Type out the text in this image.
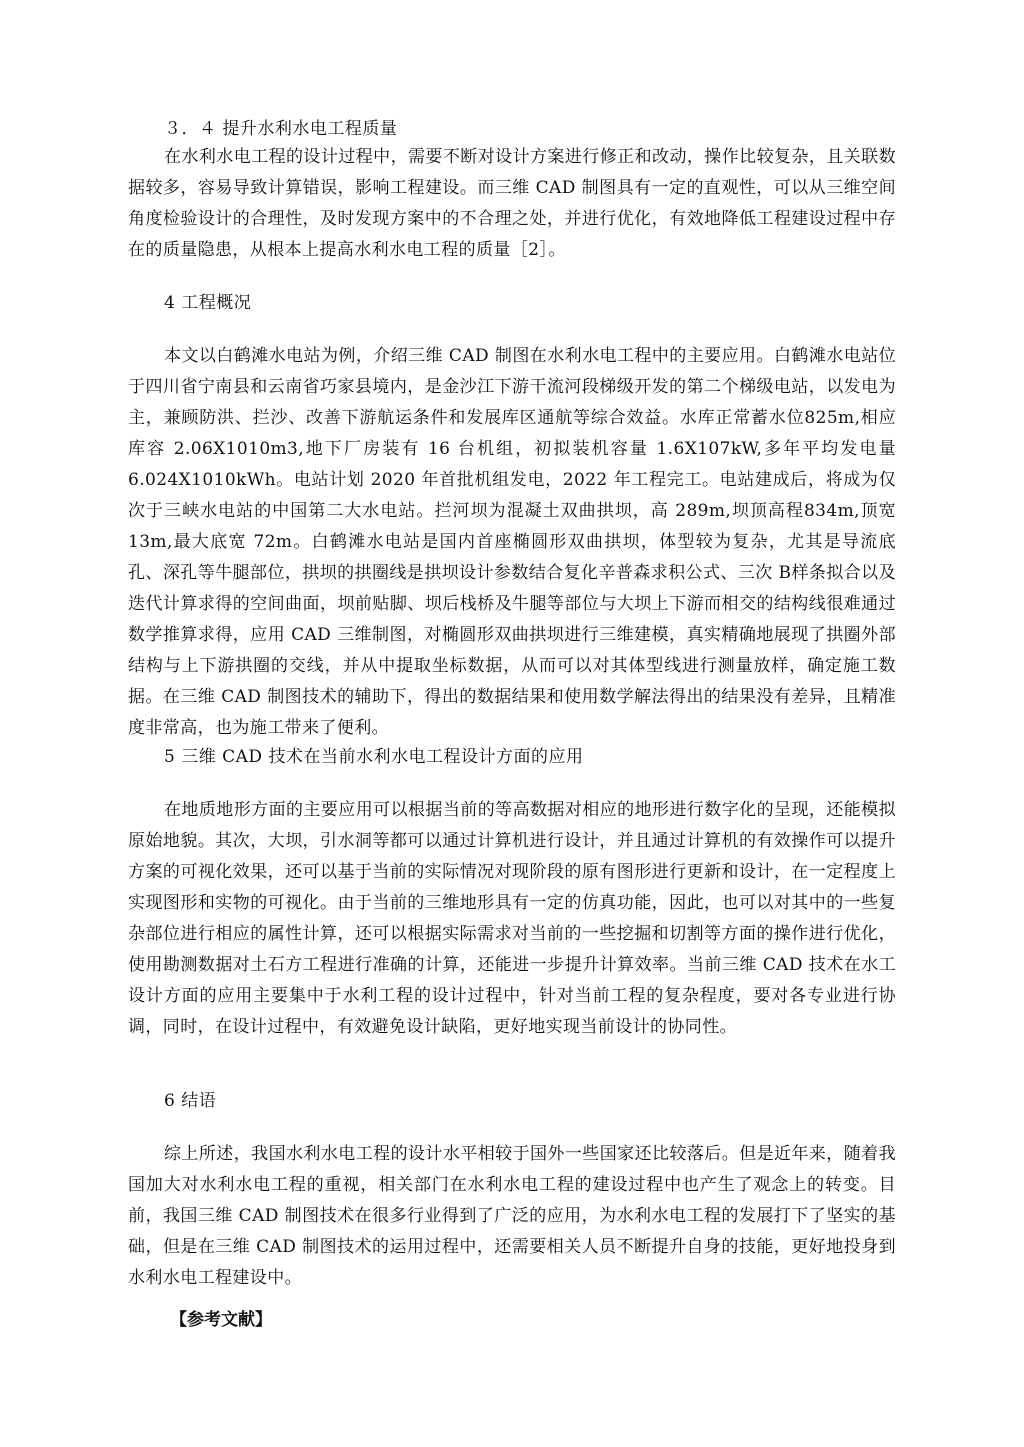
３．４ 提升水利水电工程质量
在水利水电工程的设计过程中，需要不断对设计方案进行修正和改动，操作比较复杂，且关联数据较多，容易导致计算错误，影响工程建设。而三维 CAD 制图具有一定的直观性，可以从三维空间角度检验设计的合理性，及时发现方案中的不合理之处，并进行优化，有效地降低工程建设过程中存在的质量隐患，从根本上提高水利水电工程的质量［2］。
4 工程概况
本文以白鹤滩水电站为例，介绍三维 CAD 制图在水利水电工程中的主要应用。白鹤滩水电站位于四川省宁南县和云南省巧家县境内，是金沙江下游干流河段梯级开发的第二个梯级电站，以发电为主，兼顾防洪、拦沙、改善下游航运条件和发展库区通航等综合效益。水库正常蓄水位825m,相应库容 2.06X1010m3,地下厂房装有 16 台机组，初拟装机容量 1.6X107kW,多年平均发电量 6.024X1010kWh。电站计划 2020 年首批机组发电，2022 年工程完工。电站建成后，将成为仅次于三峡水电站的中国第二大水电站。拦河坝为混凝土双曲拱坝，高 289m,坝顶高程834m,顶宽 13m,最大底宽 72m。白鹤滩水电站是国内首座椭圆形双曲拱坝，体型较为复杂，尤其是导流底孔、深孔等牛腿部位，拱坝的拱圈线是拱坝设计参数结合复化辛普森求积公式、三次 B样条拟合以及迭代计算求得的空间曲面，坝前贴脚、坝后栈桥及牛腿等部位与大坝上下游而相交的结构线很难通过数学推算求得，应用 CAD 三维制图，对椭圆形双曲拱坝进行三维建模，真实精确地展现了拱圈外部结构与上下游拱圈的交线，并从中提取坐标数据，从而可以对其体型线进行测量放样，确定施工数据。在三维 CAD 制图技术的辅助下，得出的数据结果和使用数学解法得出的结果没有差异，且精准度非常高，也为施工带来了便利。
5 三维 CAD 技术在当前水利水电工程设计方面的应用
在地质地形方面的主要应用可以根据当前的等高数据对相应的地形进行数字化的呈现，还能模拟原始地貌。其次，大坝，引水洞等都可以通过计算机进行设计，并且通过计算机的有效操作可以提升方案的可视化效果，还可以基于当前的实际情况对现阶段的原有图形进行更新和设计，在一定程度上实现图形和实物的可视化。由于当前的三维地形具有一定的仿真功能，因此，也可以对其中的一些复杂部位进行相应的属性计算，还可以根据实际需求对当前的一些挖掘和切割等方面的操作进行优化，使用勘测数据对土石方工程进行准确的计算，还能进一步提升计算效率。当前三维 CAD 技术在水工设计方面的应用主要集中于水利工程的设计过程中，针对当前工程的复杂程度，要对各专业进行协调，同时，在设计过程中，有效避免设计缺陷，更好地实现当前设计的协同性。
6 结语
综上所述，我国水利水电工程的设计水平相较于国外一些国家还比较落后。但是近年来，随着我国加大对水利水电工程的重视，相关部门在水利水电工程的建设过程中也产生了观念上的转变。目前，我国三维 CAD 制图技术在很多行业得到了广泛的应用，为水利水电工程的发展打下了坚实的基础，但是在三维 CAD 制图技术的运用过程中，还需要相关人员不断提升自身的技能，更好地投身到水利水电工程建设中。
【参考文献】
